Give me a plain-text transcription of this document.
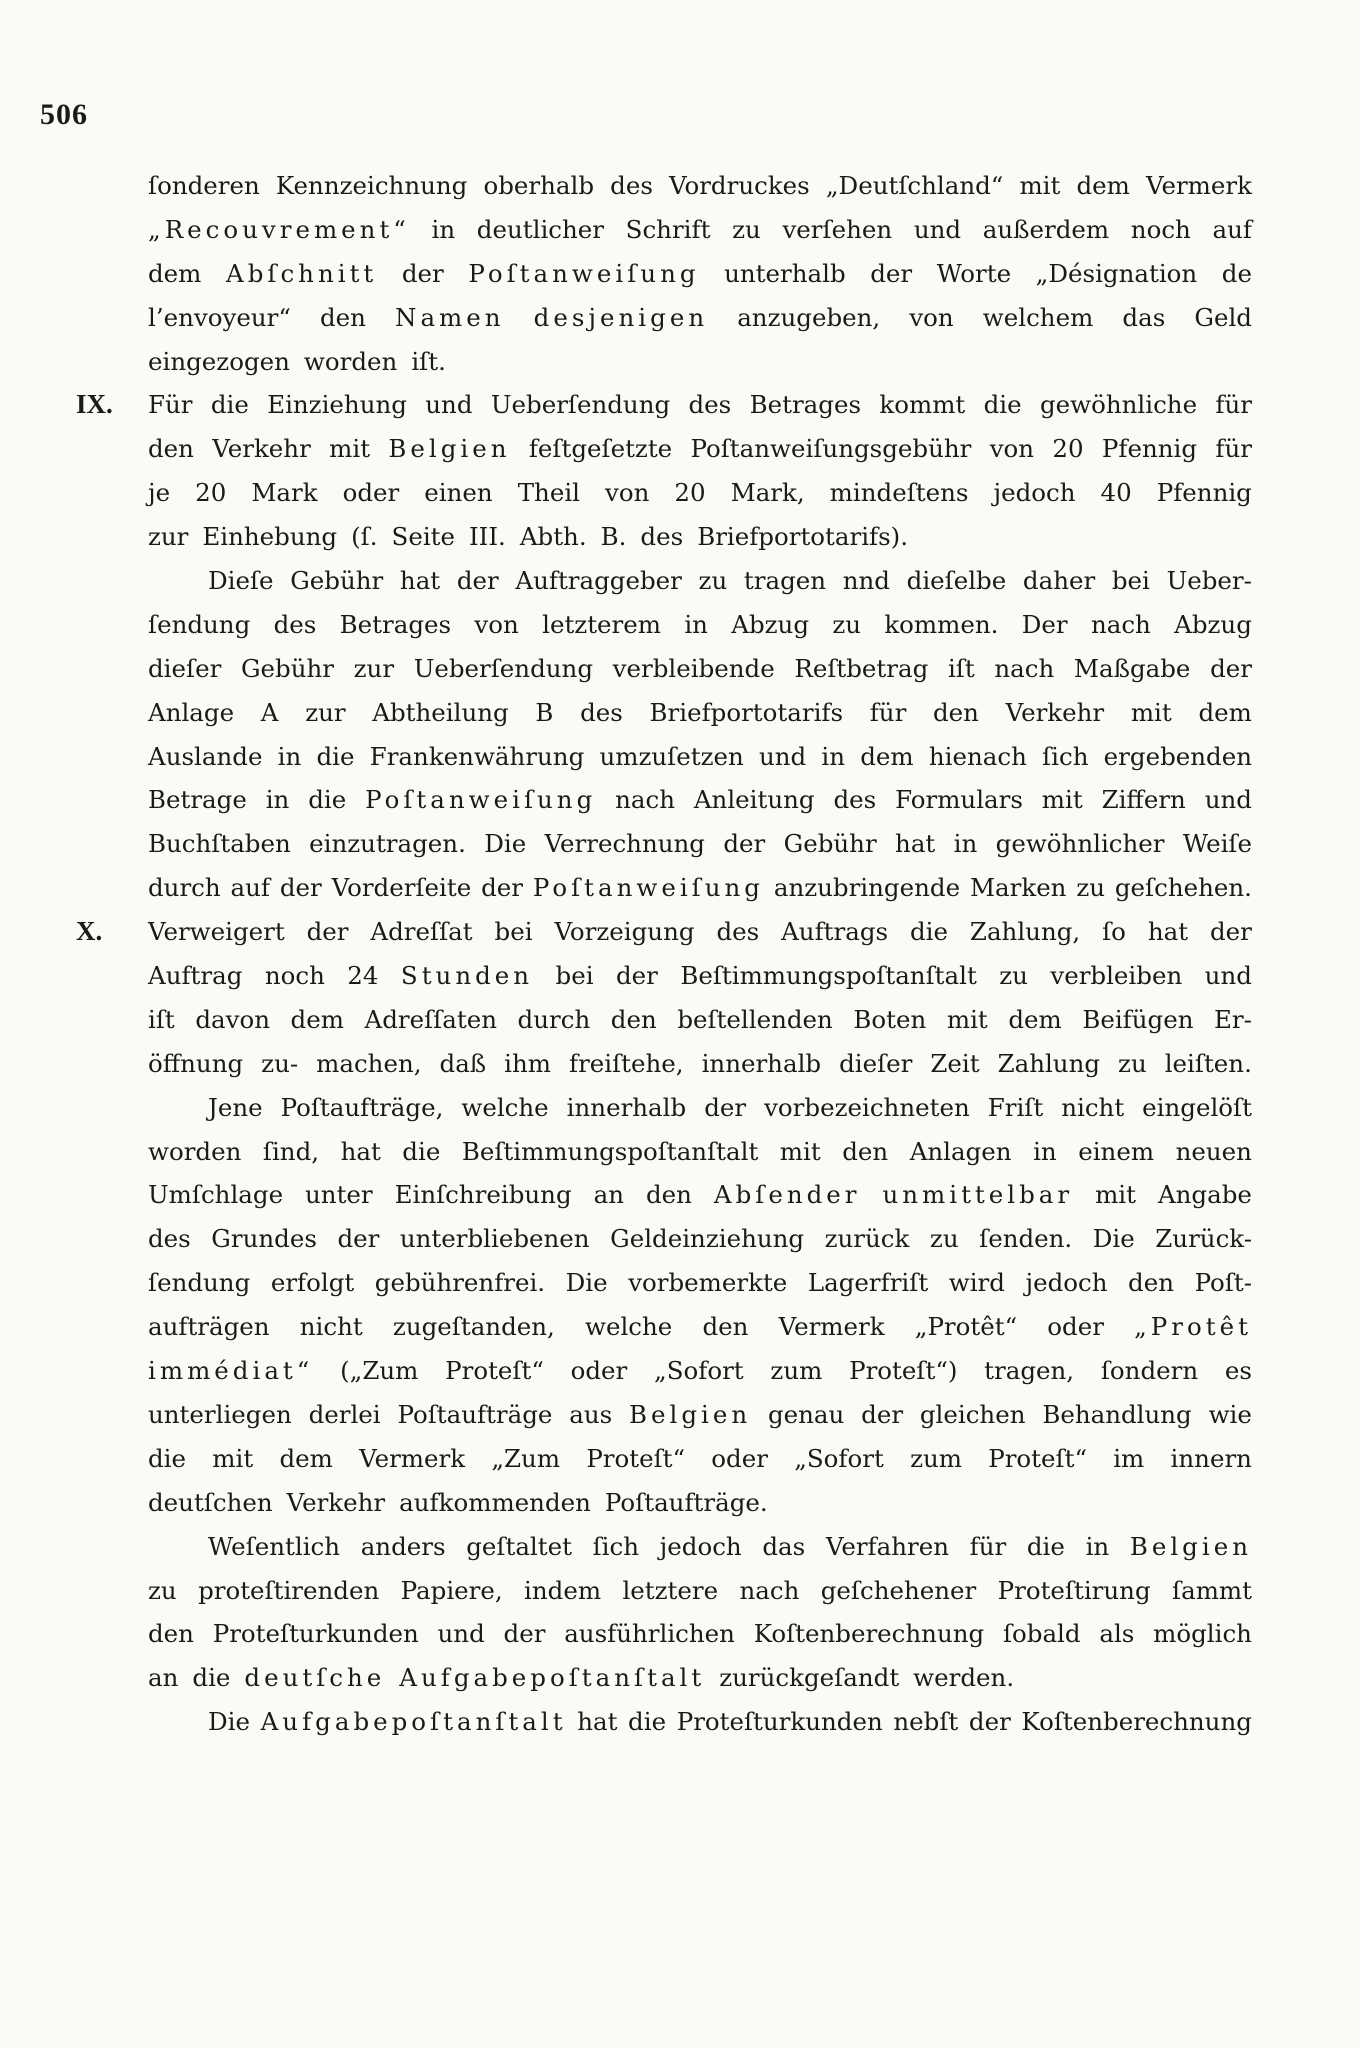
506
ſonderen Kennzeichnung oberhalb des Vordruckes „Deutſchland“ mit dem Vermerk
„Recouvrement“ in deutlicher Schrift zu verſehen und außerdem noch auf
dem Abſchnitt der Poſtanweiſung unterhalb der Worte „Désignation de
l’envoyeur“ den Namen desjenigen anzugeben, von welchem das Geld
eingezogen worden iſt.
IX. Für die Einziehung und Ueberſendung des Betrages kommt die gewöhnliche für
den Verkehr mit Belgien feſtgeſetzte Poſtanweiſungsgebühr von 20 Pfennig für
je 20 Mark oder einen Theil von 20 Mark, mindeſtens jedoch 40 Pfennig
zur Einhebung (ſ. Seite III. Abth. B. des Briefportotarifs).
Dieſe Gebühr hat der Auftraggeber zu tragen nnd dieſelbe daher bei Ueber-
ſendung des Betrages von letzterem in Abzug zu kommen. Der nach Abzug
dieſer Gebühr zur Ueberſendung verbleibende Reſtbetrag iſt nach Maßgabe der
Anlage A zur Abtheilung B des Briefportotarifs für den Verkehr mit dem
Auslande in die Frankenwährung umzuſetzen und in dem hienach ſich ergebenden
Betrage in die Poſtanweiſung nach Anleitung des Formulars mit Ziffern und
Buchſtaben einzutragen. Die Verrechnung der Gebühr hat in gewöhnlicher Weiſe
durch auf der Vorderſeite der Poſtanweiſung anzubringende Marken zu geſchehen.
X. Verweigert der Adreſſat bei Vorzeigung des Auftrags die Zahlung, ſo hat der
Auftrag noch 24 Stunden bei der Beſtimmungspoſtanſtalt zu verbleiben und
iſt davon dem Adreſſaten durch den beſtellenden Boten mit dem Beifügen Er-
öffnung zu- machen, daß ihm freiſtehe, innerhalb dieſer Zeit Zahlung zu leiſten.
Jene Poſtaufträge, welche innerhalb der vorbezeichneten Friſt nicht eingelöſt
worden ſind, hat die Beſtimmungspoſtanſtalt mit den Anlagen in einem neuen
Umſchlage unter Einſchreibung an den Abſender unmittelbar mit Angabe
des Grundes der unterbliebenen Geldeinziehung zurück zu ſenden. Die Zurück-
ſendung erfolgt gebührenfrei. Die vorbemerkte Lagerfriſt wird jedoch den Poſt-
aufträgen nicht zugeſtanden, welche den Vermerk „Protêt“ oder „Protêt
immédiat“ („Zum Proteſt“ oder „Sofort zum Proteſt“) tragen, ſondern es
unterliegen derlei Poſtaufträge aus Belgien genau der gleichen Behandlung wie
die mit dem Vermerk „Zum Proteſt“ oder „Sofort zum Proteſt“ im innern
deutſchen Verkehr aufkommenden Poſtaufträge.
Weſentlich anders geſtaltet ſich jedoch das Verfahren für die in Belgien
zu proteſtirenden Papiere, indem letztere nach geſchehener Proteſtirung ſammt
den Proteſturkunden und der ausführlichen Koſtenberechnung ſobald als möglich
an die deutſche Aufgabepoſtanſtalt zurückgeſandt werden.
Die Aufgabepoſtanſtalt hat die Proteſturkunden nebſt der Koſtenberechnung
